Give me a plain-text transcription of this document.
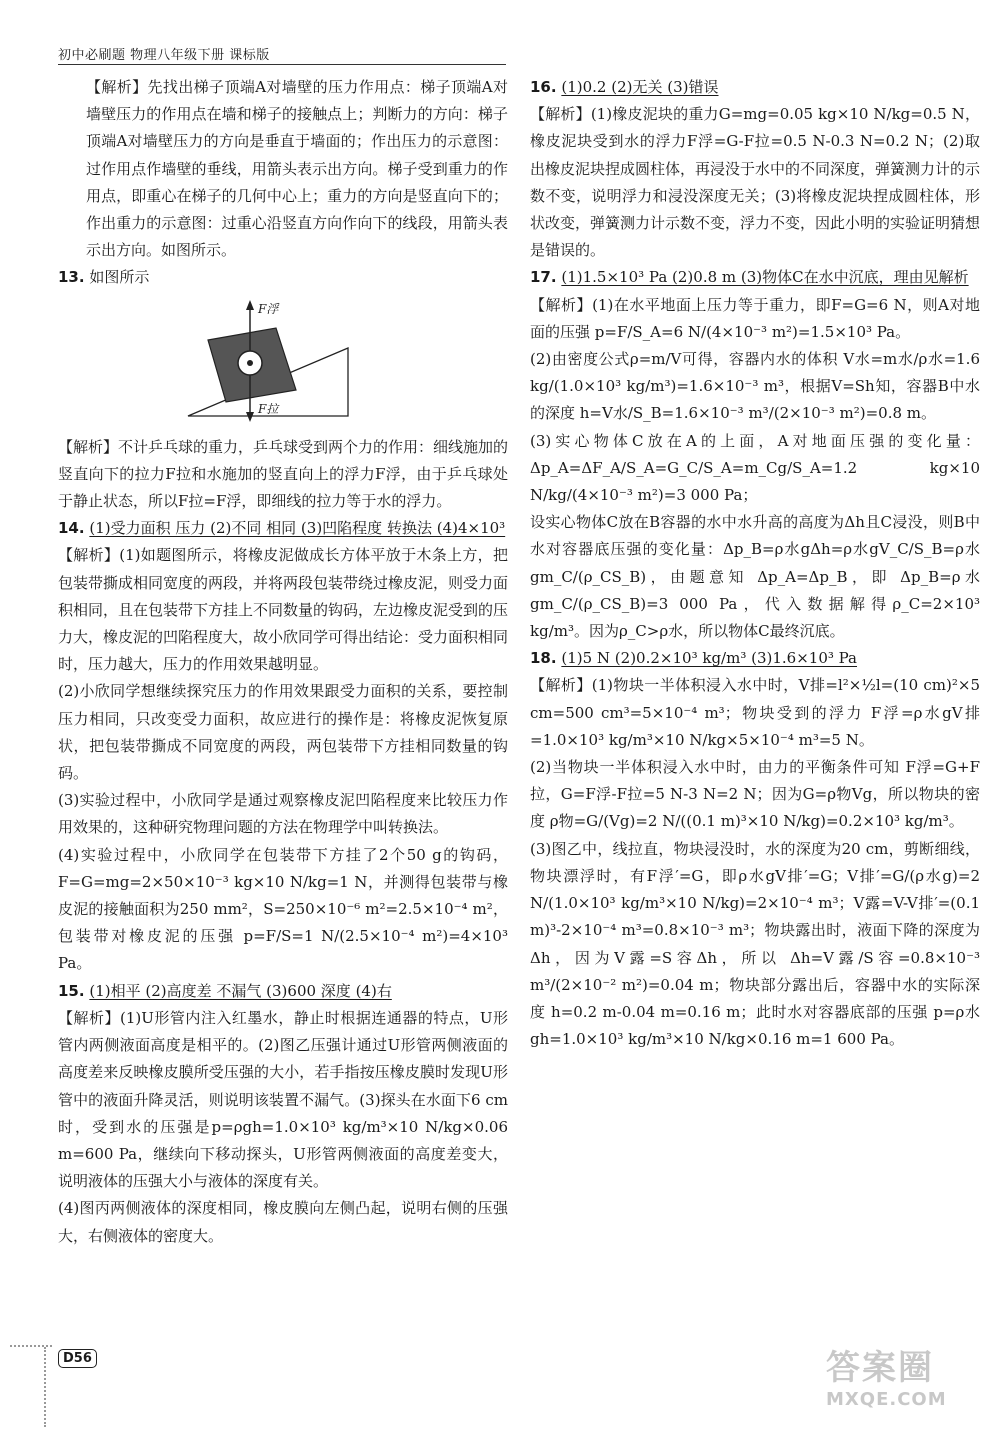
初中必刷题 物理八年级下册 课标版

【解析】先找出梯子顶端A对墙壁的压力作用点：梯子顶端A对墙壁压力的作用点在墙和梯子的接触点上；判断力的方向：梯子顶端A对墙壁压力的方向是垂直于墙面的；作出压力的示意图：过作用点作墙壁的垂线，用箭头表示出方向。梯子受到重力的作用点，即重心在梯子的几何中心上；重力的方向是竖直向下的；作出重力的示意图：过重心沿竖直方向作向下的线段，用箭头表示出方向。如图所示。

13. 如图所示

F浮
F拉

【解析】不计乒乓球的重力，乒乓球受到两个力的作用：细线施加的竖直向下的拉力F拉和水施加的竖直向上的浮力F浮，由于乒乓球处于静止状态，所以F拉=F浮，即细线的拉力等于水的浮力。

14. (1)受力面积 压力 (2)不同 相同 (3)凹陷程度 转换法 (4)4×10³

【解析】(1)如题图所示，将橡皮泥做成长方体平放于木条上方，把包装带撕成相同宽度的两段，并将两段包装带绕过橡皮泥，则受力面积相同，且在包装带下方挂上不同数量的钩码，左边橡皮泥受到的压力大，橡皮泥的凹陷程度大，故小欣同学可得出结论：受力面积相同时，压力越大，压力的作用效果越明显。

(2)小欣同学想继续探究压力的作用效果跟受力面积的关系，要控制压力相同，只改变受力面积，故应进行的操作是：将橡皮泥恢复原状，把包装带撕成不同宽度的两段，两包装带下方挂相同数量的钩码。

(3)实验过程中，小欣同学是通过观察橡皮泥凹陷程度来比较压力作用效果的，这种研究物理问题的方法在物理学中叫转换法。

(4)实验过程中，小欣同学在包装带下方挂了2个50 g的钩码，F=G=mg=2×50×10⁻³ kg×10 N/kg=1 N，并测得包装带与橡皮泥的接触面积为250 mm²，S=250×10⁻⁶ m²=2.5×10⁻⁴ m²，包装带对橡皮泥的压强 p=F/S=1 N/(2.5×10⁻⁴ m²)=4×10³ Pa。

15. (1)相平 (2)高度差 不漏气 (3)600 深度 (4)右

【解析】(1)U形管内注入红墨水，静止时根据连通器的特点，U形管内两侧液面高度是相平的。(2)图乙压强计通过U形管两侧液面的高度差来反映橡皮膜所受压强的大小，若手指按压橡皮膜时发现U形管中的液面升降灵活，则说明该装置不漏气。(3)探头在水面下6 cm时，受到水的压强是p=ρgh=1.0×10³ kg/m³×10 N/kg×0.06 m=600 Pa，继续向下移动探头，U形管两侧液面的高度差变大，说明液体的压强大小与液体的深度有关。

(4)图丙两侧液体的深度相同，橡皮膜向左侧凸起，说明右侧的压强大，右侧液体的密度大。

16. (1)0.2 (2)无关 (3)错误

【解析】(1)橡皮泥块的重力G=mg=0.05 kg×10 N/kg=0.5 N，橡皮泥块受到水的浮力F浮=G-F拉=0.5 N-0.3 N=0.2 N；(2)取出橡皮泥块捏成圆柱体，再浸没于水中的不同深度，弹簧测力计的示数不变，说明浮力和浸没深度无关；(3)将橡皮泥块捏成圆柱体，形状改变，弹簧测力计示数不变，浮力不变，因此小明的实验证明猜想是错误的。

17. (1)1.5×10³ Pa (2)0.8 m (3)物体C在水中沉底，理由见解析

【解析】(1)在水平地面上压力等于重力，即F=G=6 N，则A对地面的压强 p=F/S_A=6 N/(4×10⁻³ m²)=1.5×10³ Pa。

(2)由密度公式ρ=m/V可得，容器内水的体积 V水=m水/ρ水=1.6 kg/(1.0×10³ kg/m³)=1.6×10⁻³ m³，根据V=Sh知，容器B中水的深度 h=V水/S_B=1.6×10⁻³ m³/(2×10⁻³ m²)=0.8 m。

(3)实心物体C放在A的上面，A对地面压强的变化量：Δp_A=ΔF_A/S_A=G_C/S_A=m_Cg/S_A=1.2 kg×10 N/kg/(4×10⁻³ m²)=3 000 Pa；

设实心物体C放在B容器的水中水升高的高度为Δh且C浸没，则B中水对容器底压强的变化量：Δp_B=ρ水gΔh=ρ水gV_C/S_B=ρ水gm_C/(ρ_CS_B)，由题意知 Δp_A=Δp_B，即 Δp_B=ρ水gm_C/(ρ_CS_B)=3 000 Pa，代入数据解得ρ_C=2×10³ kg/m³。因为ρ_C>ρ水，所以物体C最终沉底。

18. (1)5 N (2)0.2×10³ kg/m³ (3)1.6×10³ Pa

【解析】(1)物块一半体积浸入水中时，V排=l²×½l=(10 cm)²×5 cm=500 cm³=5×10⁻⁴ m³；物块受到的浮力 F浮=ρ水gV排=1.0×10³ kg/m³×10 N/kg×5×10⁻⁴ m³=5 N。

(2)当物块一半体积浸入水中时，由力的平衡条件可知 F浮=G+F拉，G=F浮-F拉=5 N-3 N=2 N；因为G=ρ物Vg，所以物块的密度 ρ物=G/(Vg)=2 N/((0.1 m)³×10 N/kg)=0.2×10³ kg/m³。

(3)图乙中，线拉直，物块浸没时，水的深度为20 cm，剪断细线，物块漂浮时，有F浮′=G，即ρ水gV排′=G；V排′=G/(ρ水g)=2 N/(1.0×10³ kg/m³×10 N/kg)=2×10⁻⁴ m³；V露=V-V排′=(0.1 m)³-2×10⁻⁴ m³=0.8×10⁻³ m³；物块露出时，液面下降的深度为Δh，因为V露=S容Δh，所以 Δh=V露/S容=0.8×10⁻³ m³/(2×10⁻² m²)=0.04 m；物块部分露出后，容器中水的实际深度 h=0.2 m-0.04 m=0.16 m；此时水对容器底部的压强 p=ρ水gh=1.0×10³ kg/m³×10 N/kg×0.16 m=1 600 Pa。

D56	答案圈
MXQE.COM
